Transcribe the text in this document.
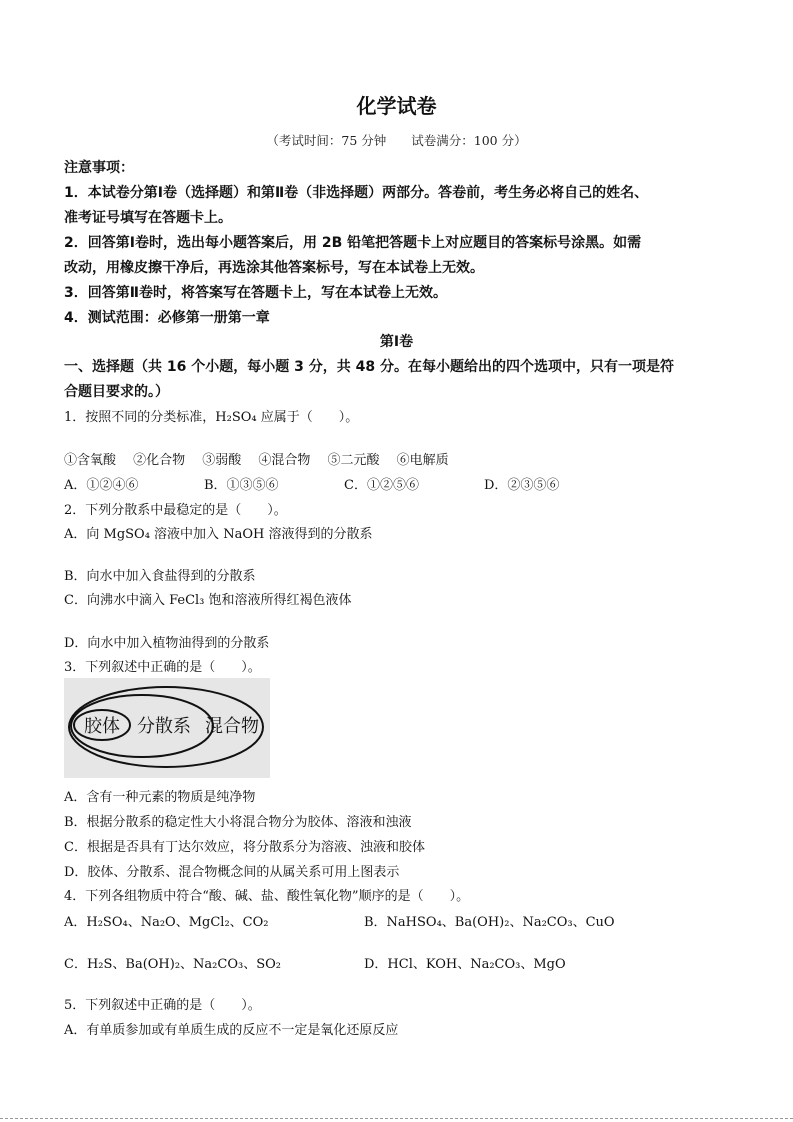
化学试卷
（考试时间：75 分钟　　试卷满分：100 分）
注意事项：
1．本试卷分第Ⅰ卷（选择题）和第Ⅱ卷（非选择题）两部分。答卷前，考生务必将自己的姓名、
准考证号填写在答题卡上。
2．回答第Ⅰ卷时，选出每小题答案后，用 2B 铅笔把答题卡上对应题目的答案标号涂黑。如需
改动，用橡皮擦干净后，再选涂其他答案标号，写在本试卷上无效。
3．回答第Ⅱ卷时，将答案写在答题卡上，写在本试卷上无效。
4．测试范围：必修第一册第一章
第Ⅰ卷
一、选择题（共 16 个小题，每小题 3 分，共 48 分。在每小题给出的四个选项中，只有一项是符
合题目要求的。）
1．按照不同的分类标准，H₂SO₄ 应属于（　　）。
①含氧酸　 ②化合物　 ③弱酸　 ④混合物　 ⑤二元酸　 ⑥电解质
A．①②④⑥	B．①③⑤⑥	C．①②⑤⑥	D．②③⑤⑥
2．下列分散系中最稳定的是（　　）。
A．向 MgSO₄ 溶液中加入 NaOH 溶液得到的分散系
B．向水中加入食盐得到的分散系
C．向沸水中滴入 FeCl₃ 饱和溶液所得红褐色液体
D．向水中加入植物油得到的分散系
3．下列叙述中正确的是（　　）。
胶体 分散系 混合物
A．含有一种元素的物质是纯净物
B．根据分散系的稳定性大小将混合物分为胶体、溶液和浊液
C．根据是否具有丁达尔效应，将分散系分为溶液、浊液和胶体
D．胶体、分散系、混合物概念间的从属关系可用上图表示
4．下列各组物质中符合“酸、碱、盐、酸性氧化物”顺序的是（　　）。
A．H₂SO₄、Na₂O、MgCl₂、CO₂	B．NaHSO₄、Ba(OH)₂、Na₂CO₃、CuO
C．H₂S、Ba(OH)₂、Na₂CO₃、SO₂	D．HCl、KOH、Na₂CO₃、MgO
5．下列叙述中正确的是（　　）。
A．有单质参加或有单质生成的反应不一定是氧化还原反应
